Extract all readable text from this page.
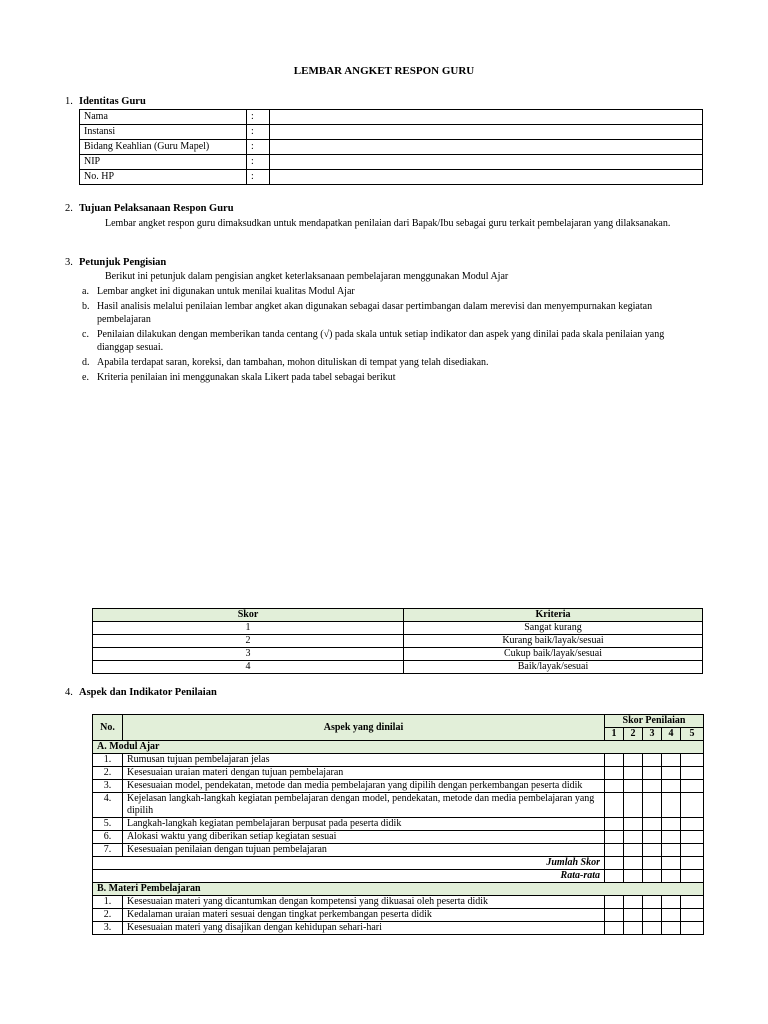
LEMBAR ANGKET RESPON GURU
1. Identitas Guru
Nama	:	
Instansi	:	
Bidang Keahlian (Guru Mapel)	:	
NIP	:	
No. HP	:	
2. Tujuan Pelaksanaan Respon Guru
Lembar angket respon guru dimaksudkan untuk mendapatkan penilaian dari Bapak/Ibu sebagai guru terkait pembelajaran yang dilaksanakan.
3. Petunjuk Pengisian
Berikut ini petunjuk dalam pengisian angket keterlaksanaan pembelajaran menggunakan Modul Ajar
a. Lembar angket ini digunakan untuk menilai kualitas Modul Ajar
b. Hasil analisis melalui penilaian lembar angket akan digunakan sebagai dasar pertimbangan dalam merevisi dan menyempurnakan kegiatan pembelajaran
c. Penilaian dilakukan dengan memberikan tanda centang (√) pada skala untuk setiap indikator dan aspek yang dinilai pada skala penilaian yang dianggap sesuai.
d. Apabila terdapat saran, koreksi, dan tambahan, mohon dituliskan di tempat yang telah disediakan.
e. Kriteria penilaian ini menggunakan skala Likert pada tabel sebagai berikut
Skor	Kriteria
1	Sangat kurang
2	Kurang baik/layak/sesuai
3	Cukup baik/layak/sesuai
4	Baik/layak/sesuai
4. Aspek dan Indikator Penilaian
No.	Aspek yang dinilai	Skor Penilaian				
		1	2	3	4	5
A. Modul Ajar						
1.	Rumusan tujuan pembelajaran jelas					
2.	Kesesuaian uraian materi dengan tujuan pembelajaran					
3.	Kesesuaian model, pendekatan, metode dan media pembelajaran yang dipilih dengan perkembangan peserta didik					
4.	Kejelasan langkah-langkah kegiatan pembelajaran dengan model, pendekatan, metode dan media pembelajaran yang dipilih					
5.	Langkah-langkah kegiatan pembelajaran berpusat pada peserta didik					
6.	Alokasi waktu yang diberikan setiap kegiatan sesuai					
7.	Kesesuaian penilaian dengan tujuan pembelajaran					
Jumlah Skor						
Rata-rata						
B. Materi Pembelajaran						
1.	Kesesuaian materi yang dicantumkan dengan kompetensi yang dikuasai oleh peserta didik					
2.	Kedalaman uraian materi sesuai dengan tingkat perkembangan peserta didik					
3.	Kesesuaian materi yang disajikan dengan kehidupan sehari-hari					
